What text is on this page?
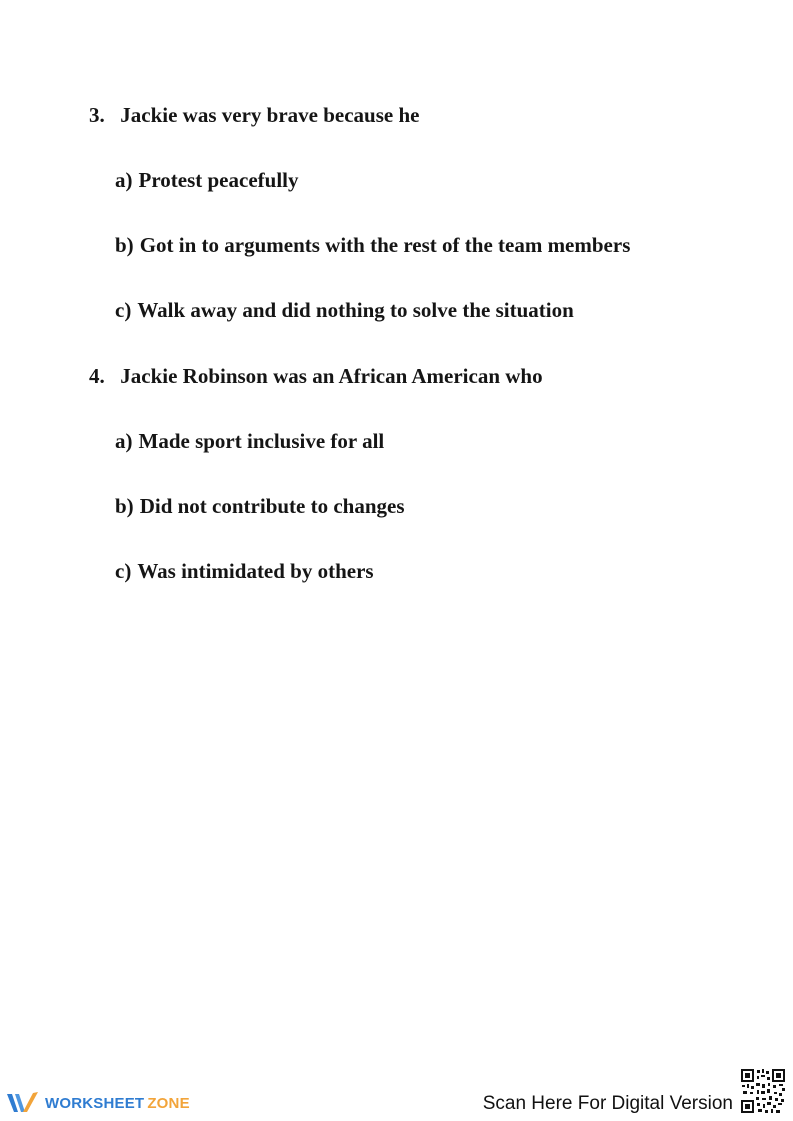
3. Jackie was very brave because he

a) Protest peacefully

b) Got in to arguments with the rest of the team members

c) Walk away and did nothing to solve the situation

4. Jackie Robinson was an African American who

a) Made sport inclusive for all

b) Did not contribute to changes

c) Was intimidated by others

WORKSHEET ZONE	Scan Here For Digital Version
